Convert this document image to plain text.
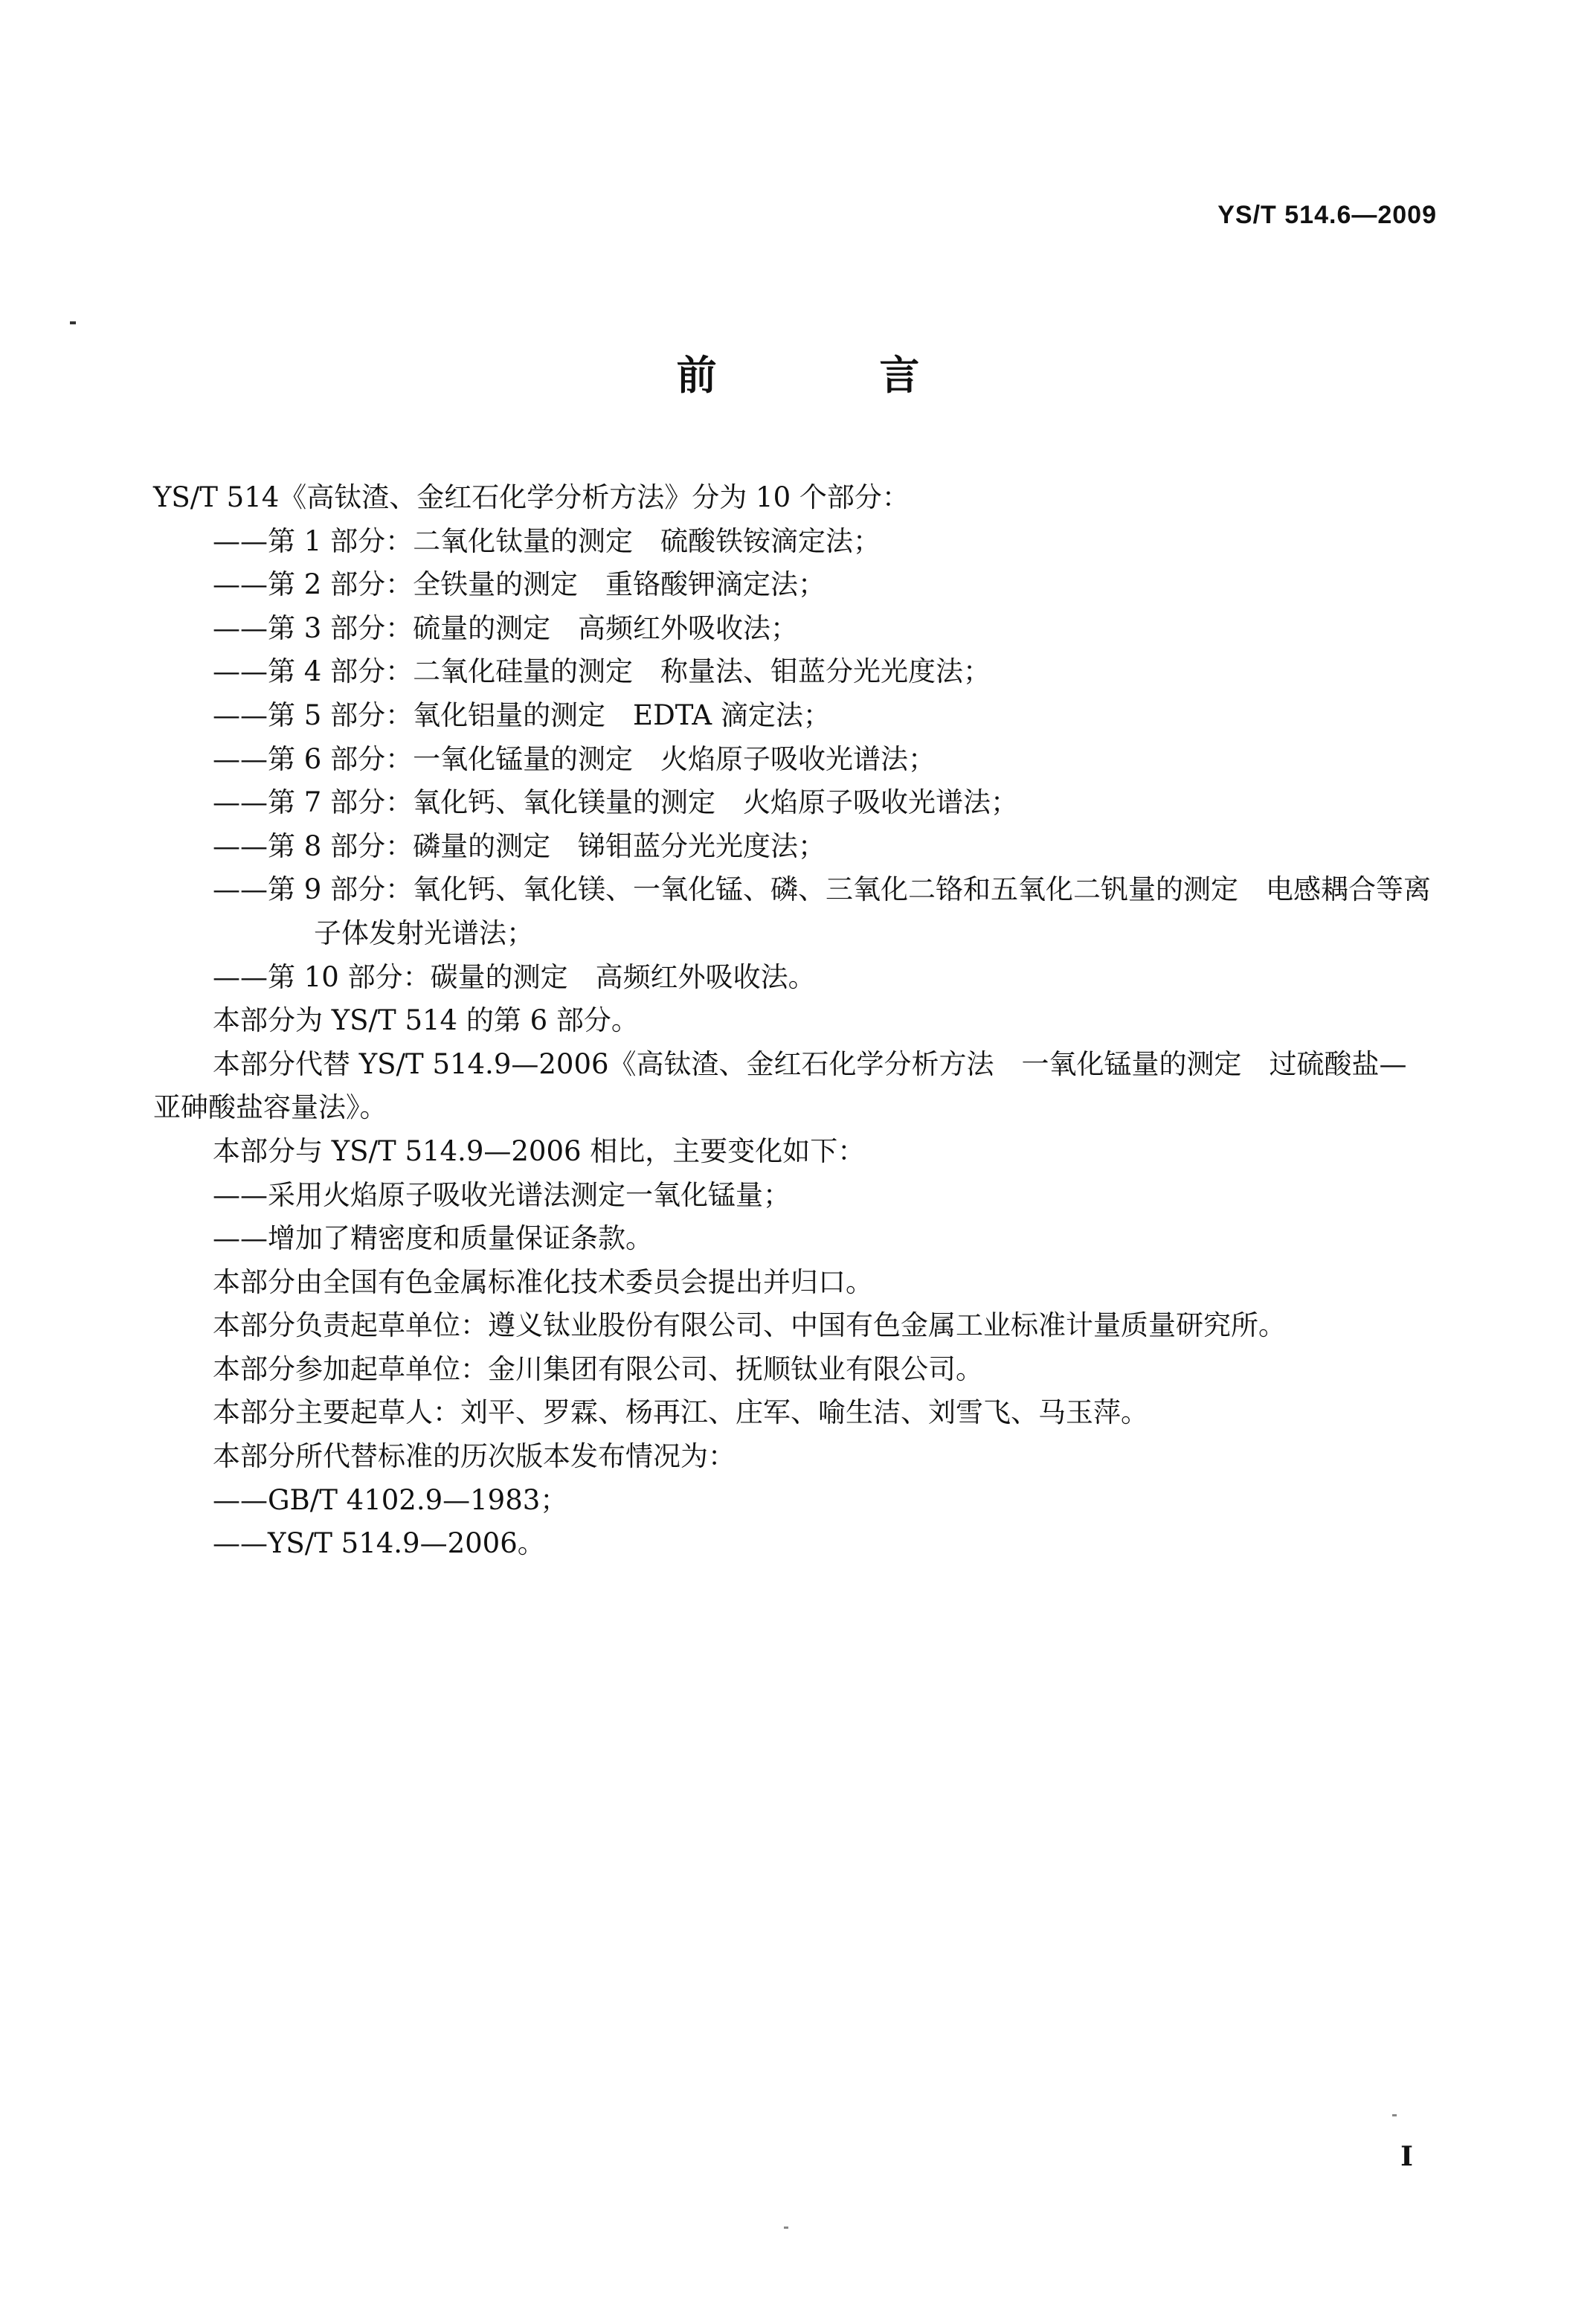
YS/T 514.6—2009
前 言

YS/T 514《高钛渣、金红石化学分析方法》分为 10 个部分：

——第 1 部分：二氧化钛量的测定　硫酸铁铵滴定法；

——第 2 部分：全铁量的测定　重铬酸钾滴定法；

——第 3 部分：硫量的测定　高频红外吸收法；

——第 4 部分：二氧化硅量的测定　称量法、钼蓝分光光度法；

——第 5 部分：氧化铝量的测定　EDTA 滴定法；

——第 6 部分：一氧化锰量的测定　火焰原子吸收光谱法；

——第 7 部分：氧化钙、氧化镁量的测定　火焰原子吸收光谱法；

——第 8 部分：磷量的测定　锑钼蓝分光光度法；

——第 9 部分：氧化钙、氧化镁、一氧化锰、磷、三氧化二铬和五氧化二钒量的测定　电感耦合等离
子体发射光谱法；

——第 10 部分：碳量的测定　高频红外吸收法。

本部分为 YS/T 514 的第 6 部分。

本部分代替 YS/T 514.9—2006《高钛渣、金红石化学分析方法　一氧化锰量的测定　过硫酸盐—
亚砷酸盐容量法》。

本部分与 YS/T 514.9—2006 相比，主要变化如下：

——采用火焰原子吸收光谱法测定一氧化锰量；

——增加了精密度和质量保证条款。

本部分由全国有色金属标准化技术委员会提出并归口。

本部分负责起草单位：遵义钛业股份有限公司、中国有色金属工业标准计量质量研究所。

本部分参加起草单位：金川集团有限公司、抚顺钛业有限公司。

本部分主要起草人：刘平、罗霖、杨再江、庄军、喻生洁、刘雪飞、马玉萍。

本部分所代替标准的历次版本发布情况为：

——GB/T 4102.9—1983；

——YS/T 514.9—2006。

I
